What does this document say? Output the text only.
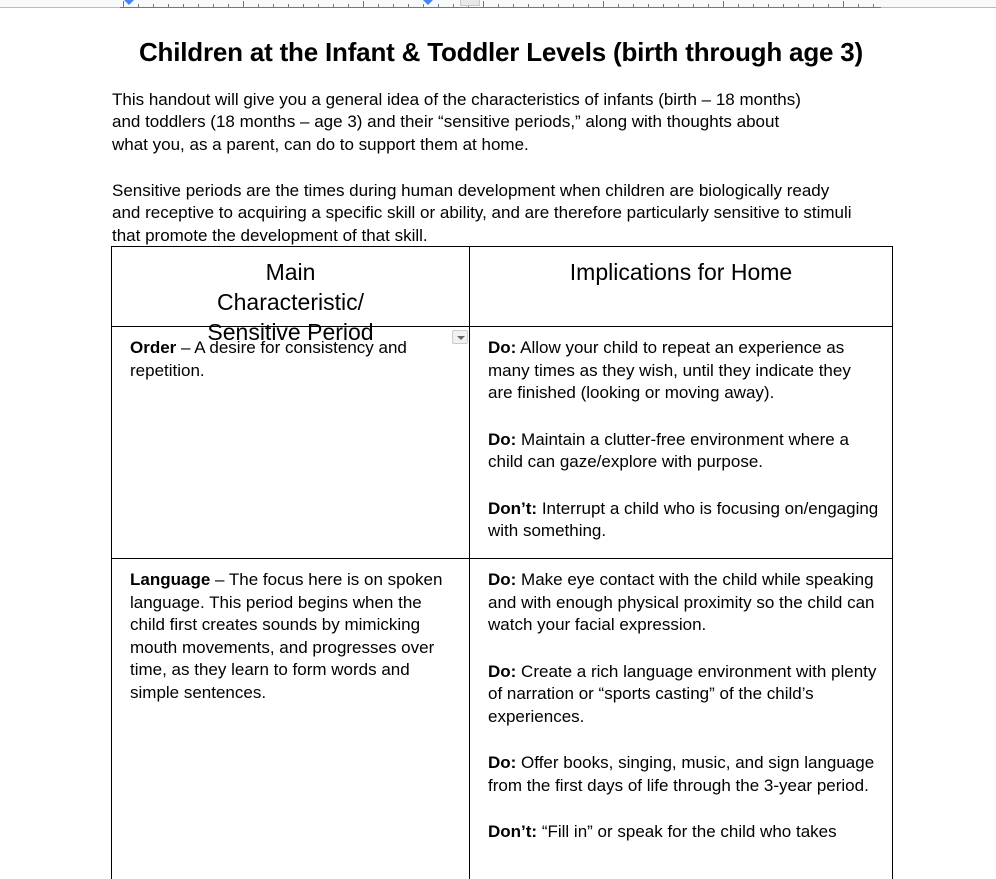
Children at the Infant & Toddler Levels (birth through age 3)
This handout will give you a general idea of the characteristics of infants (birth – 18 months) and toddlers (18 months – age 3) and their “sensitive periods,” along with thoughts about what you, as a parent, can do to support them at home.
Sensitive periods are the times during human development when children are biologically ready and receptive to acquiring a specific skill or ability, and are therefore particularly sensitive to stimuli that promote the development of that skill.
Main Characteristic/ Sensitive Period
Implications for Home
Order – A desire for consistency and repetition.
Do: Allow your child to repeat an experience as many times as they wish, until they indicate they are finished (looking or moving away).
Do: Maintain a clutter-free environment where a child can gaze/explore with purpose.
Don’t: Interrupt a child who is focusing on/engaging with something.
Language – The focus here is on spoken language. This period begins when the child first creates sounds by mimicking mouth movements, and progresses over time, as they learn to form words and simple sentences.
Do: Make eye contact with the child while speaking and with enough physical proximity so the child can watch your facial expression.
Do: Create a rich language environment with plenty of narration or “sports casting” of the child’s experiences.
Do: Offer books, singing, music, and sign language from the first days of life through the 3-year period.
Don’t: “Fill in” or speak for the child who takes
